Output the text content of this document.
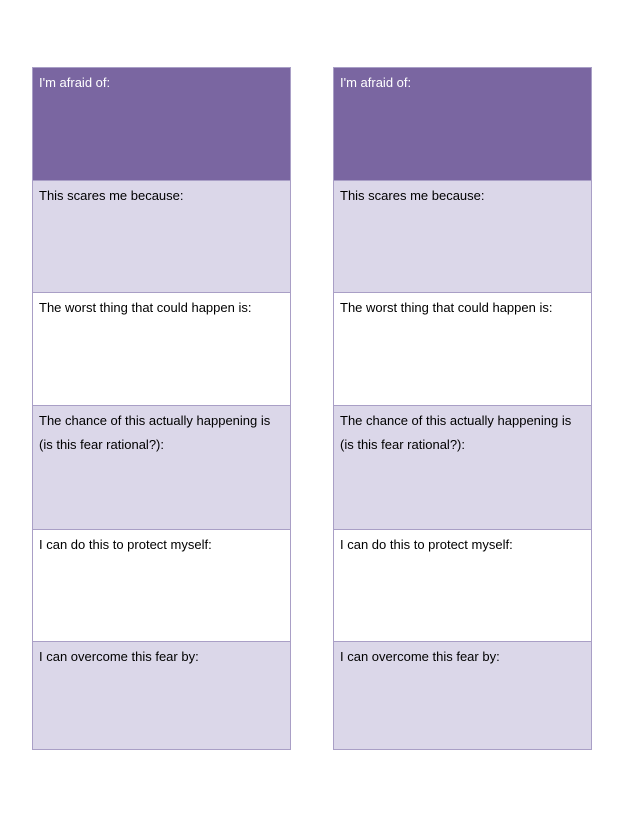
I'm afraid of:
This scares me because:
The worst thing that could happen is:
The chance of this actually happening is (is this fear rational?):
I can do this to protect myself:
I can overcome this fear by:
I'm afraid of:
This scares me because:
The worst thing that could happen is:
The chance of this actually happening is (is this fear rational?):
I can do this to protect myself:
I can overcome this fear by:
